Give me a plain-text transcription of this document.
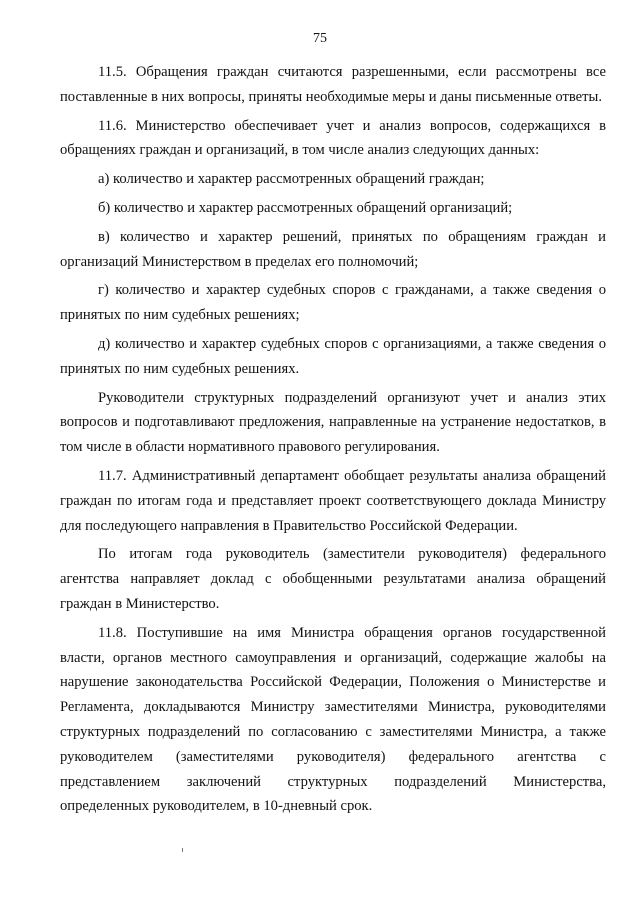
75

11.5. Обращения граждан считаются разрешенными, если рассмотрены все поставленные в них вопросы, приняты необходимые меры и даны письменные ответы.

11.6. Министерство обеспечивает учет и анализ вопросов, содержащихся в обращениях граждан и организаций, в том числе анализ следующих данных:

а) количество и характер рассмотренных обращений граждан;

б) количество и характер рассмотренных обращений организаций;

в) количество и характер решений, принятых по обращениям граждан и организаций Министерством в пределах его полномочий;

г) количество и характер судебных споров с гражданами, а также сведения о принятых по ним судебных решениях;

д) количество и характер судебных споров с организациями, а также сведения о принятых по ним судебных решениях.

Руководители структурных подразделений организуют учет и анализ этих вопросов и подготавливают предложения, направленные на устранение недостатков, в том числе в области нормативного правового регулирования.

11.7. Административный департамент обобщает результаты анализа обращений граждан по итогам года и представляет проект соответствующего доклада Министру для последующего направления в Правительство Российской Федерации.

По итогам года руководитель (заместители руководителя) федерального агентства направляет доклад с обобщенными результатами анализа обращений граждан в Министерство.

11.8. Поступившие на имя Министра обращения органов государственной власти, органов местного самоуправления и организаций, содержащие жалобы на нарушение законодательства Российской Федерации, Положения о Министерстве и Регламента, докладываются Министру заместителями Министра, руководителями структурных подразделений по согласованию с заместителями Министра, а также руководителем (заместителями руководителя) федерального агентства с представлением заключений структурных подразделений Министерства, определенных руководителем, в 10-дневный срок.
